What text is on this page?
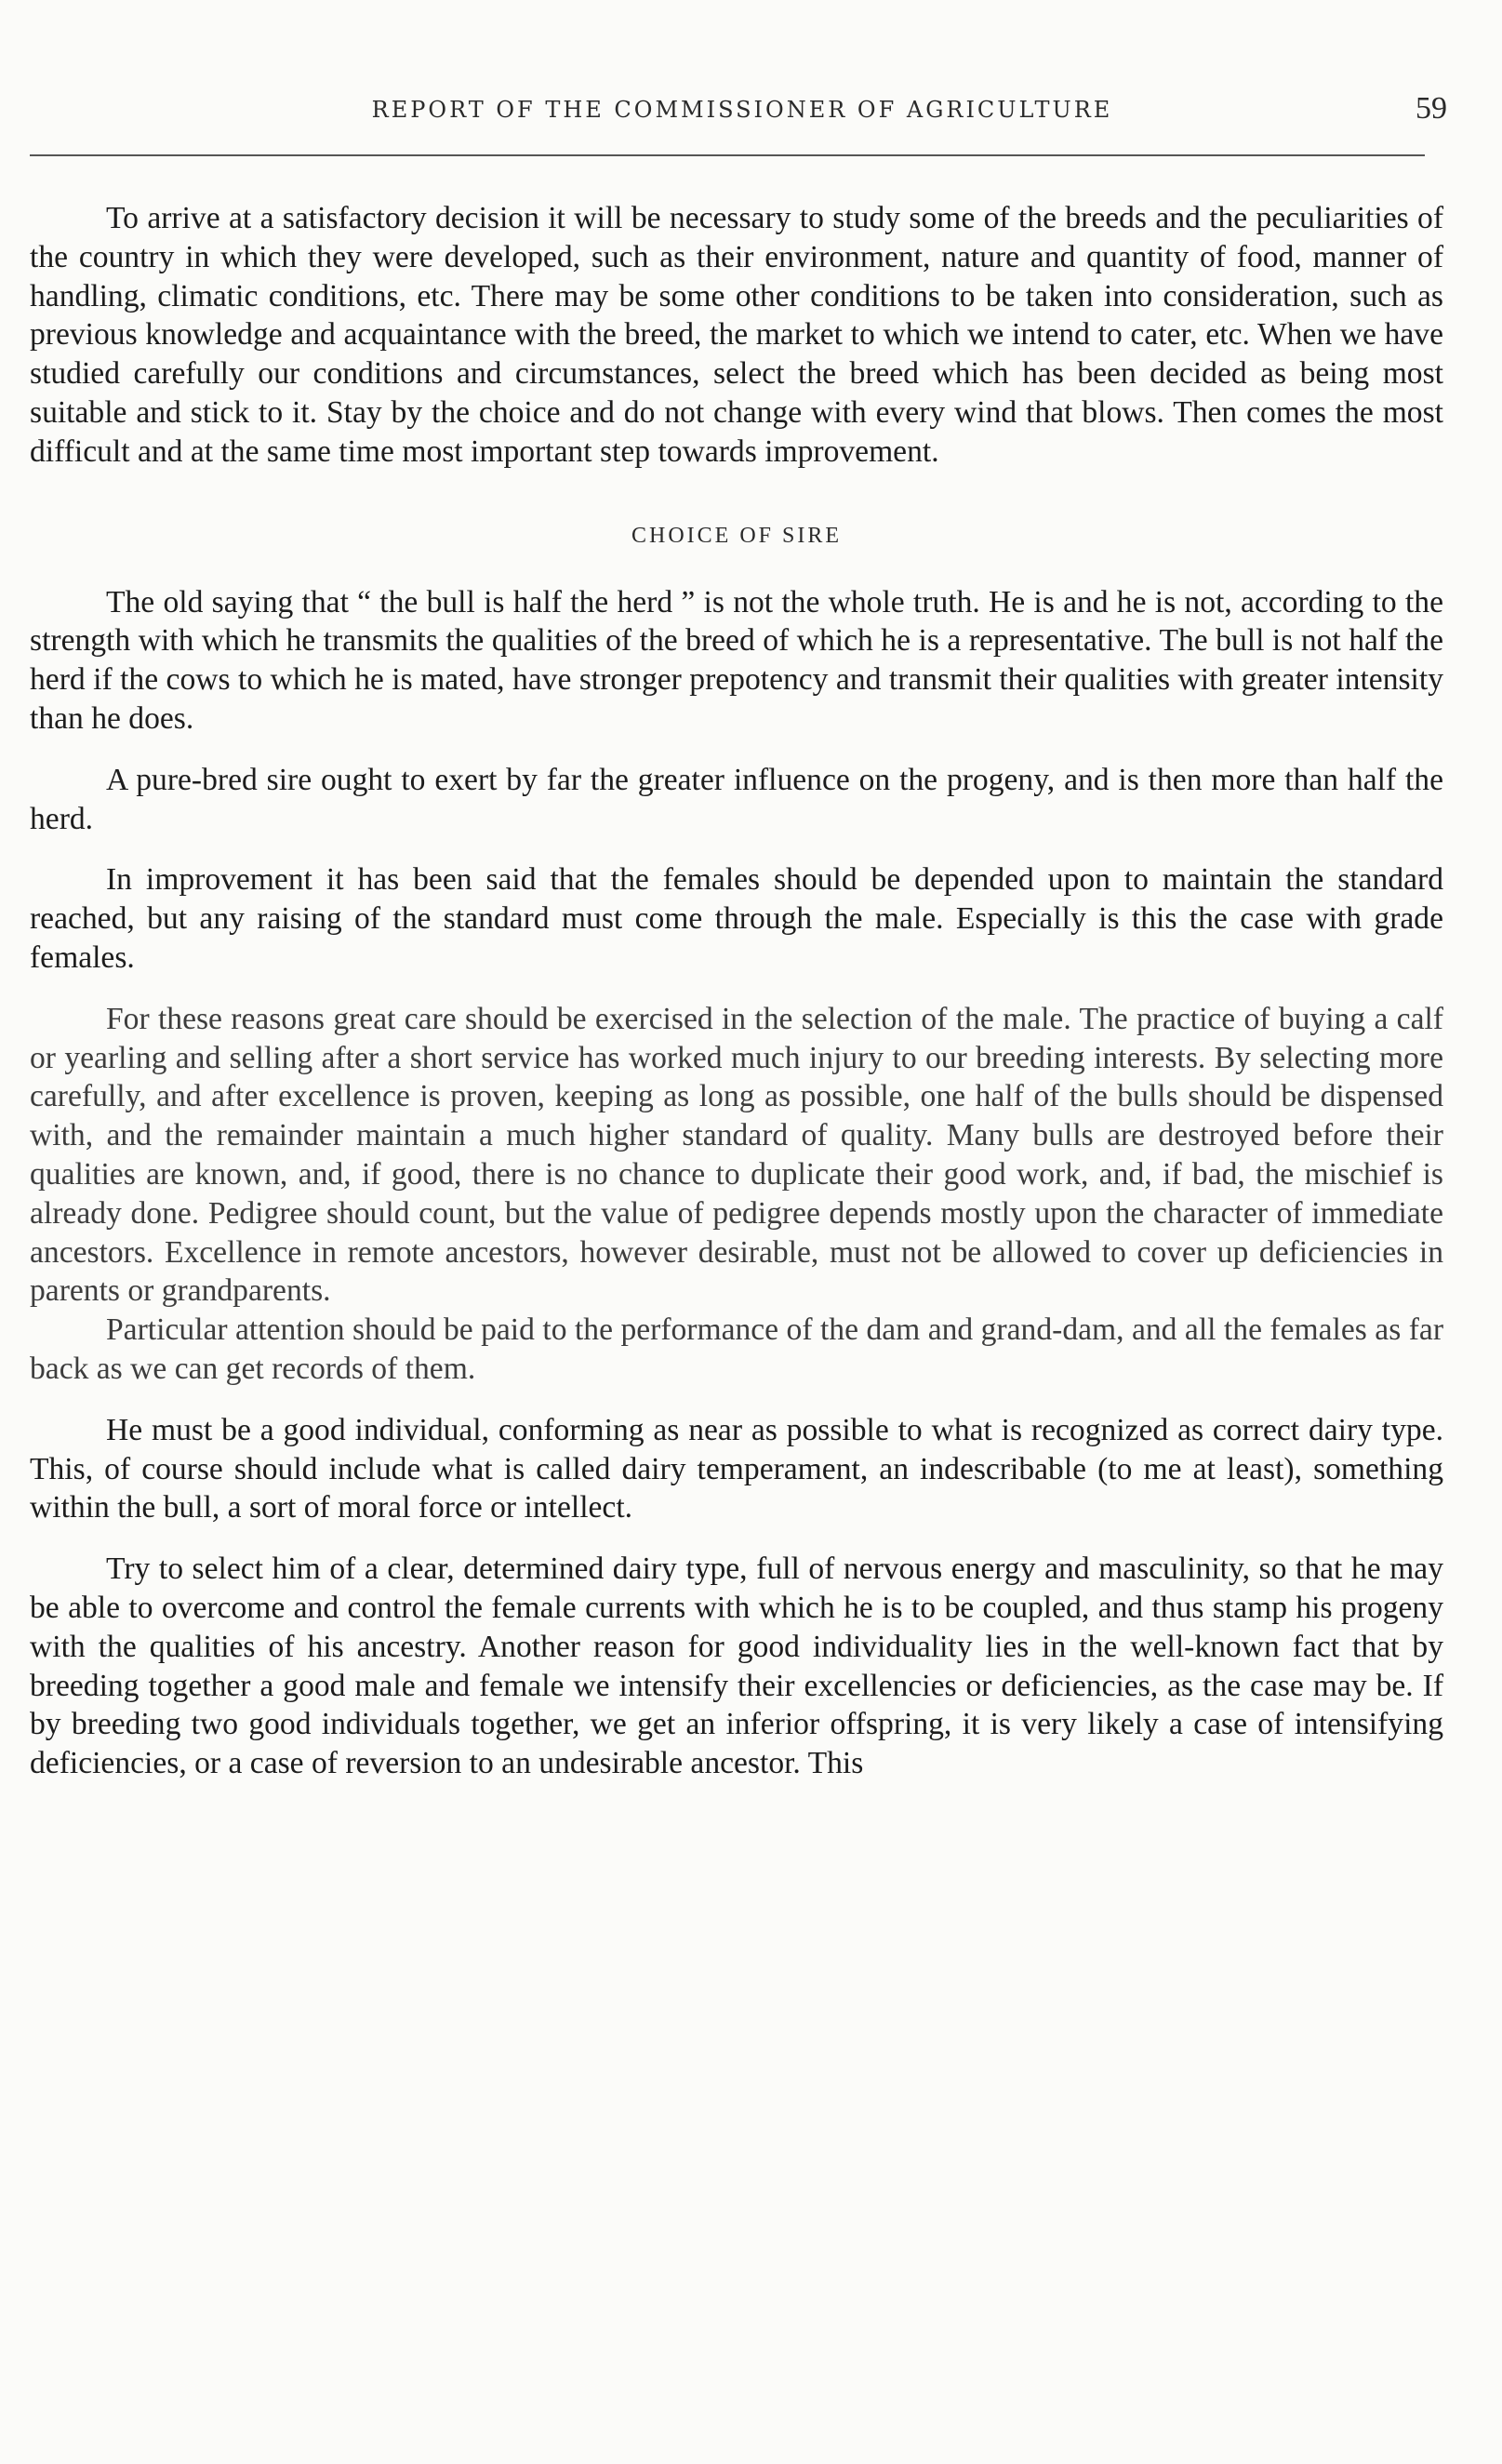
REPORT OF THE COMMISSIONER OF AGRICULTURE	59

To arrive at a satisfactory decision it will be necessary to study some of the breeds and the peculiarities of the country in which they were developed, such as their environment, nature and quantity of food, manner of handling, climatic conditions, etc. There may be some other conditions to be taken into consideration, such as previous knowledge and acquaintance with the breed, the market to which we intend to cater, etc. When we have studied carefully our conditions and circumstances, select the breed which has been decided as being most suitable and stick to it. Stay by the choice and do not change with every wind that blows. Then comes the most difficult and at the same time most important step towards improvement.

CHOICE OF SIRE

The old saying that “ the bull is half the herd ” is not the whole truth. He is and he is not, according to the strength with which he transmits the qualities of the breed of which he is a representative. The bull is not half the herd if the cows to which he is mated, have stronger prepotency and transmit their qualities with greater intensity than he does.

A pure-bred sire ought to exert by far the greater influence on the progeny, and is then more than half the herd.

In improvement it has been said that the females should be depended upon to maintain the standard reached, but any raising of the standard must come through the male. Especially is this the case with grade females.

For these reasons great care should be exercised in the selection of the male. The practice of buying a calf or yearling and selling after a short service has worked much injury to our breeding interests. By selecting more carefully, and after excellence is proven, keeping as long as possible, one half of the bulls should be dispensed with, and the remainder maintain a much higher standard of quality. Many bulls are destroyed before their qualities are known, and, if good, there is no chance to duplicate their good work, and, if bad, the mischief is already done. Pedigree should count, but the value of pedigree depends mostly upon the character of immediate ancestors. Excellence in remote ancestors, however desirable, must not be allowed to cover up deficiencies in parents or grandparents.

Particular attention should be paid to the performance of the dam and grand-dam, and all the females as far back as we can get records of them.

He must be a good individual, conforming as near as possible to what is recognized as correct dairy type. This, of course should include what is called dairy temperament, an indescribable (to me at least), something within the bull, a sort of moral force or intellect.

Try to select him of a clear, determined dairy type, full of nervous energy and masculinity, so that he may be able to overcome and control the female currents with which he is to be coupled, and thus stamp his progeny with the qualities of his ancestry. Another reason for good individuality lies in the well-known fact that by breeding together a good male and female we intensify their excellencies or deficiencies, as the case may be. If by breeding two good individuals together, we get an inferior offspring, it is very likely a case of intensifying deficiencies, or a case of reversion to an undesirable ancestor. This
